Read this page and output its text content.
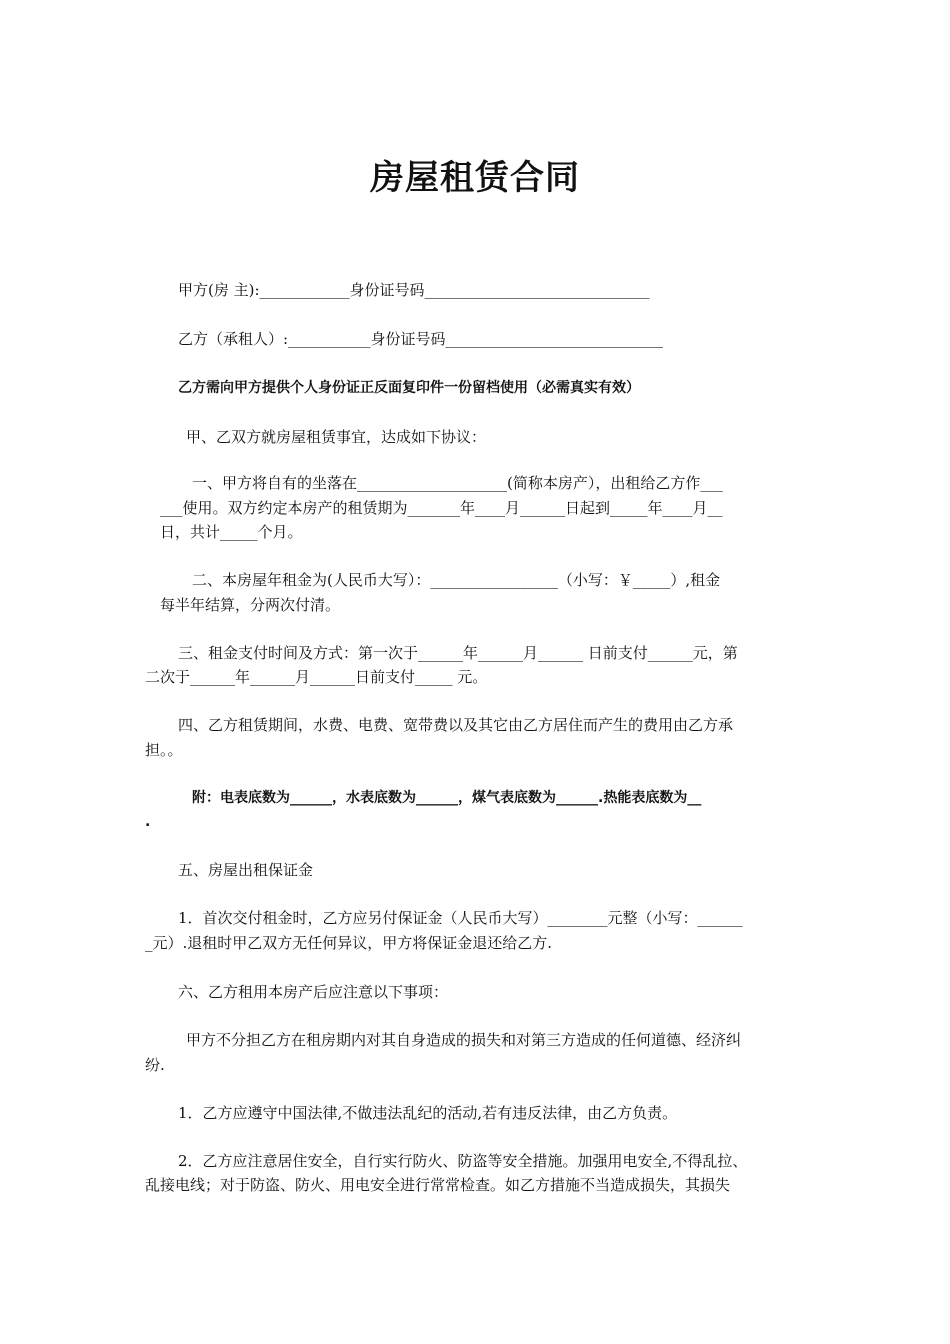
房屋租赁合同
甲方(房 主):____________身份证号码______________________________
乙方（承租人）:___________身份证号码_____________________________
乙方需向甲方提供个人身份证正反面复印件一份留档使用（必需真实有效）
甲、乙双方就房屋租赁事宜，达成如下协议：
一、甲方将自有的坐落在____________________(简称本房产），出租给乙方作___
___使用。双方约定本房产的租赁期为_______年____月______日起到_____年____月__
日，共计_____个月。
二、本房屋年租金为(人民币大写）：_________________（小写：￥_____）,租金
每半年结算，分两次付清。
三、租金支付时间及方式：第一次于______年______月______ 日前支付______元，第
二次于______年______月______日前支付_____ 元。
四、乙方租赁期间，水费、电费、宽带费以及其它由乙方居住而产生的费用由乙方承
担。。
附：电表底数为______，水表底数为______，煤气表底数为______.热能表底数为__
.
五、房屋出租保证金
1．首次交付租金时，乙方应另付保证金（人民币大写）________元整（小写：______
_元）.退租时甲乙双方无任何异议，甲方将保证金退还给乙方.
六、乙方租用本房产后应注意以下事项：
甲方不分担乙方在租房期内对其自身造成的损失和对第三方造成的任何道德、经济纠
纷.
1．乙方应遵守中国法律,不做违法乱纪的活动,若有违反法律，由乙方负责。
2．乙方应注意居住安全，自行实行防火、防盗等安全措施。加强用电安全,不得乱拉、
乱接电线；对于防盗、防火、用电安全进行常常检查。如乙方措施不当造成损失，其损失
